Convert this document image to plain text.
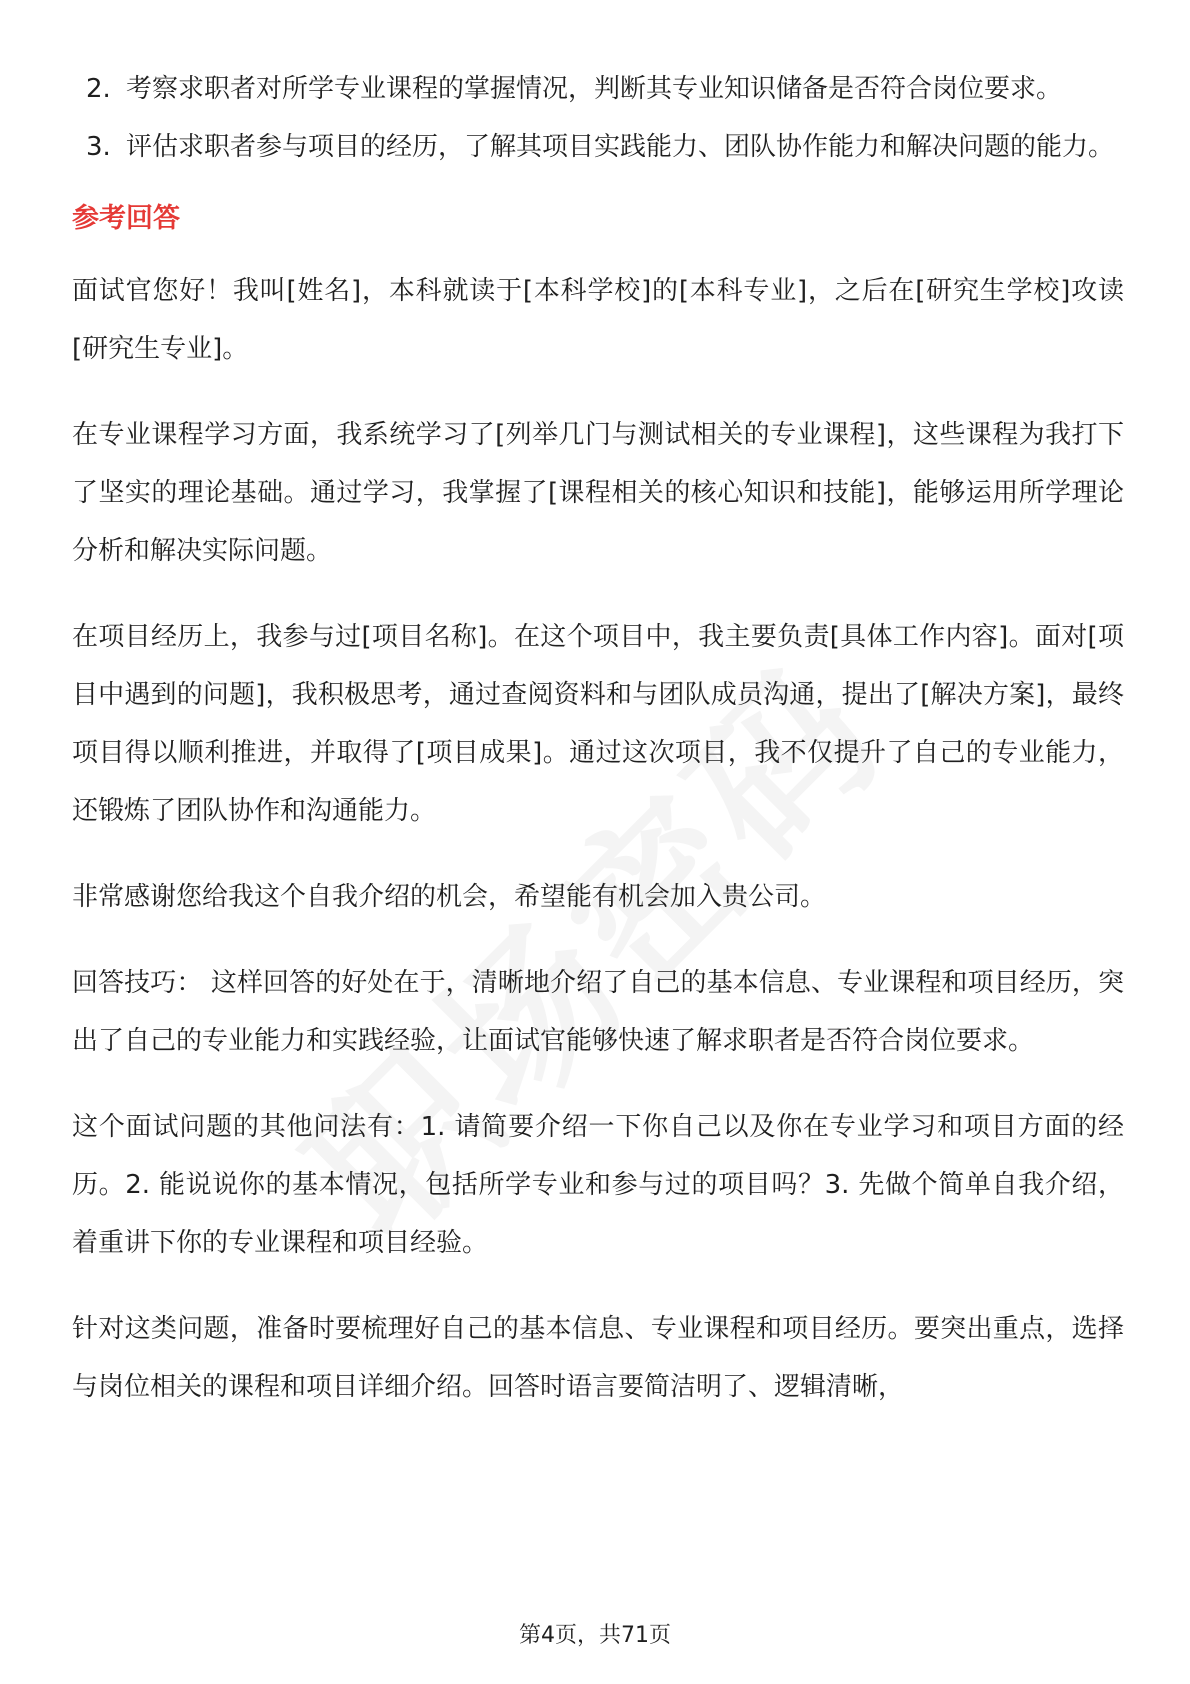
2. 考察求职者对所学专业课程的掌握情况，判断其专业知识储备是否符合岗位要求。
3. 评估求职者参与项目的经历，了解其项目实践能力、团队协作能力和解决问题的能力。
参考回答

面试官您好！我叫[姓名]，本科就读于[本科学校]的[本科专业]，之后在[研究生学校]攻读[研究生专业]。

在专业课程学习方面，我系统学习了[列举几门与测试相关的专业课程]，这些课程为我打下了坚实的理论基础。通过学习，我掌握了[课程相关的核心知识和技能]，能够运用所学理论分析和解决实际问题。

在项目经历上，我参与过[项目名称]。在这个项目中，我主要负责[具体工作内容]。面对[项目中遇到的问题]，我积极思考，通过查阅资料和与团队成员沟通，提出了[解决方案]，最终项目得以顺利推进，并取得了[项目成果]。通过这次项目，我不仅提升了自己的专业能力，还锻炼了团队协作和沟通能力。

非常感谢您给我这个自我介绍的机会，希望能有机会加入贵公司。

回答技巧： 这样回答的好处在于，清晰地介绍了自己的基本信息、专业课程和项目经历，突出了自己的专业能力和实践经验，让面试官能够快速了解求职者是否符合岗位要求。

这个面试问题的其他问法有：1. 请简要介绍一下你自己以及你在专业学习和项目方面的经历。2. 能说说你的基本情况，包括所学专业和参与过的项目吗？3. 先做个简单自我介绍，着重讲下你的专业课程和项目经验。

针对这类问题，准备时要梳理好自己的基本信息、专业课程和项目经历。要突出重点，选择与岗位相关的课程和项目详细介绍。回答时语言要简洁明了、逻辑清晰，

第4页，共71页
